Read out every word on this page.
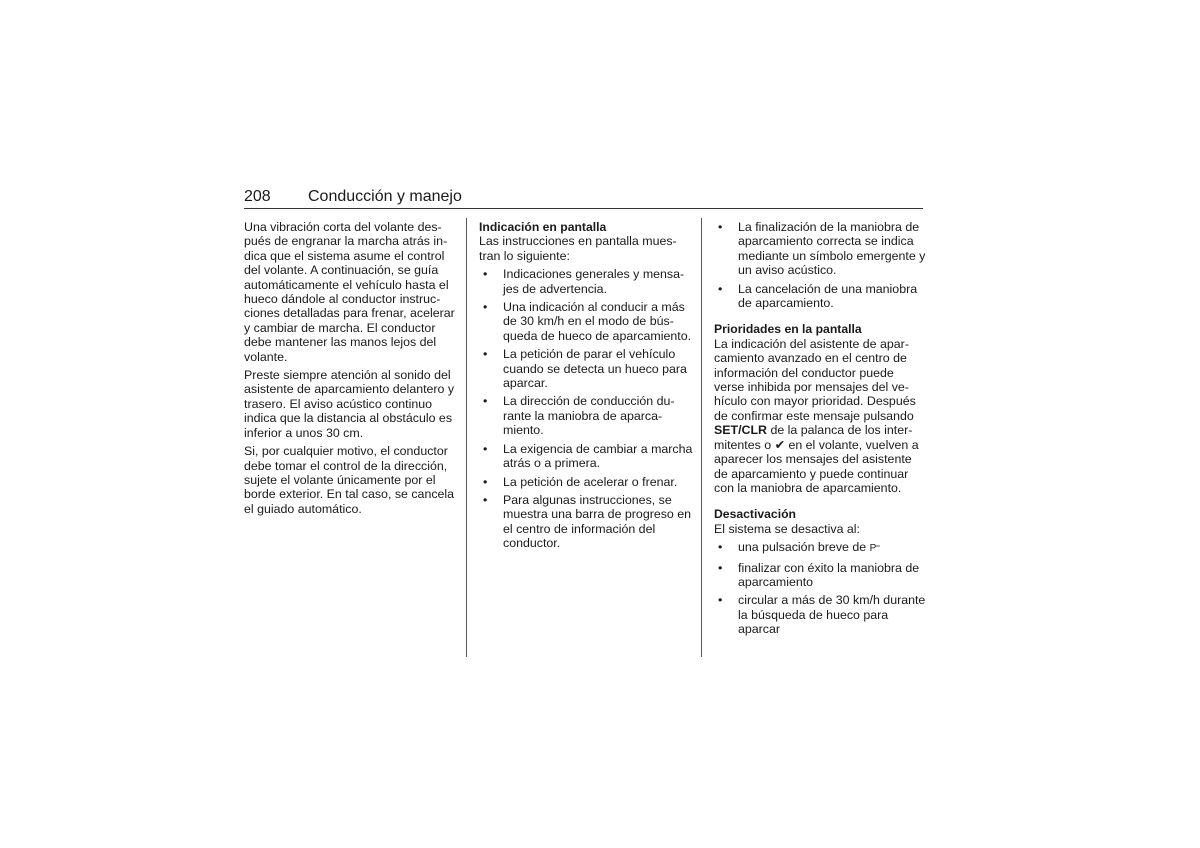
208 Conducción y manejo

Una vibración corta del volante después de engranar la marcha atrás indica que el sistema asume el control del volante. A continuación, se guía automáticamente el vehículo hasta el hueco dándole al conductor instrucciones detalladas para frenar, acelerar y cambiar de marcha. El conductor debe mantener las manos lejos del volante.

Preste siempre atención al sonido del asistente de aparcamiento delantero y trasero. El aviso acústico continuo indica que la distancia al obstáculo es inferior a unos 30 cm.

Si, por cualquier motivo, el conductor debe tomar el control de la dirección, sujete el volante únicamente por el borde exterior. En tal caso, se cancela el guiado automático.

Indicación en pantalla

Las instrucciones en pantalla muestran lo siguiente:

• Indicaciones generales y mensajes de advertencia.
• Una indicación al conducir a más de 30 km/h en el modo de búsqueda de hueco de aparcamiento.
• La petición de parar el vehículo cuando se detecta un hueco para aparcar.
• La dirección de conducción durante la maniobra de aparcamiento.
• La exigencia de cambiar a marcha atrás o a primera.
• La petición de acelerar o frenar.
• Para algunas instrucciones, se muestra una barra de progreso en el centro de información del conductor.
• La finalización de la maniobra de aparcamiento correcta se indica mediante un símbolo emergente y un aviso acústico.
• La cancelación de una maniobra de aparcamiento.
Prioridades en la pantalla

La indicación del asistente de aparcamiento avanzado en el centro de información del conductor puede verse inhibida por mensajes del vehículo con mayor prioridad. Después de confirmar este mensaje pulsando SET/CLR de la palanca de los intermitentes o ✔ en el volante, vuelven a aparecer los mensajes del asistente de aparcamiento y puede continuar con la maniobra de aparcamiento.

Desactivación

El sistema se desactiva al:

• una pulsación breve de P⁼
• finalizar con éxito la maniobra de aparcamiento
• circular a más de 30 km/h durante la búsqueda de hueco para aparcar
